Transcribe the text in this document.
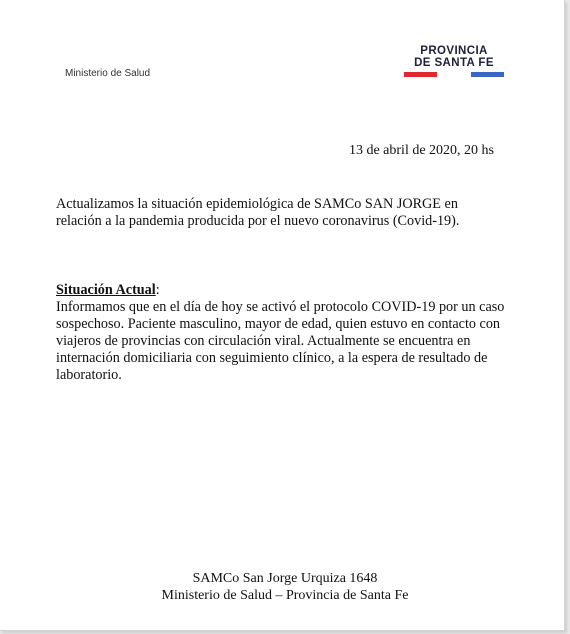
Ministerio de Salud
PROVINCIA
DE SANTA FE
13 de abril de 2020, 20 hs

Actualizamos la situación epidemiológica de SAMCo SAN JORGE en relación a la pandemia producida por el nuevo coronavirus (Covid-19).

Situación Actual:
Informamos que en el día de hoy se activó el protocolo COVID-19 por un caso sospechoso. Paciente masculino, mayor de edad, quien estuvo en contacto con viajeros de provincias con circulación viral. Actualmente se encuentra en internación domiciliaria con seguimiento clínico, a la espera de resultado de laboratorio.
SAMCo San Jorge Urquiza 1648
Ministerio de Salud – Provincia de Santa Fe
